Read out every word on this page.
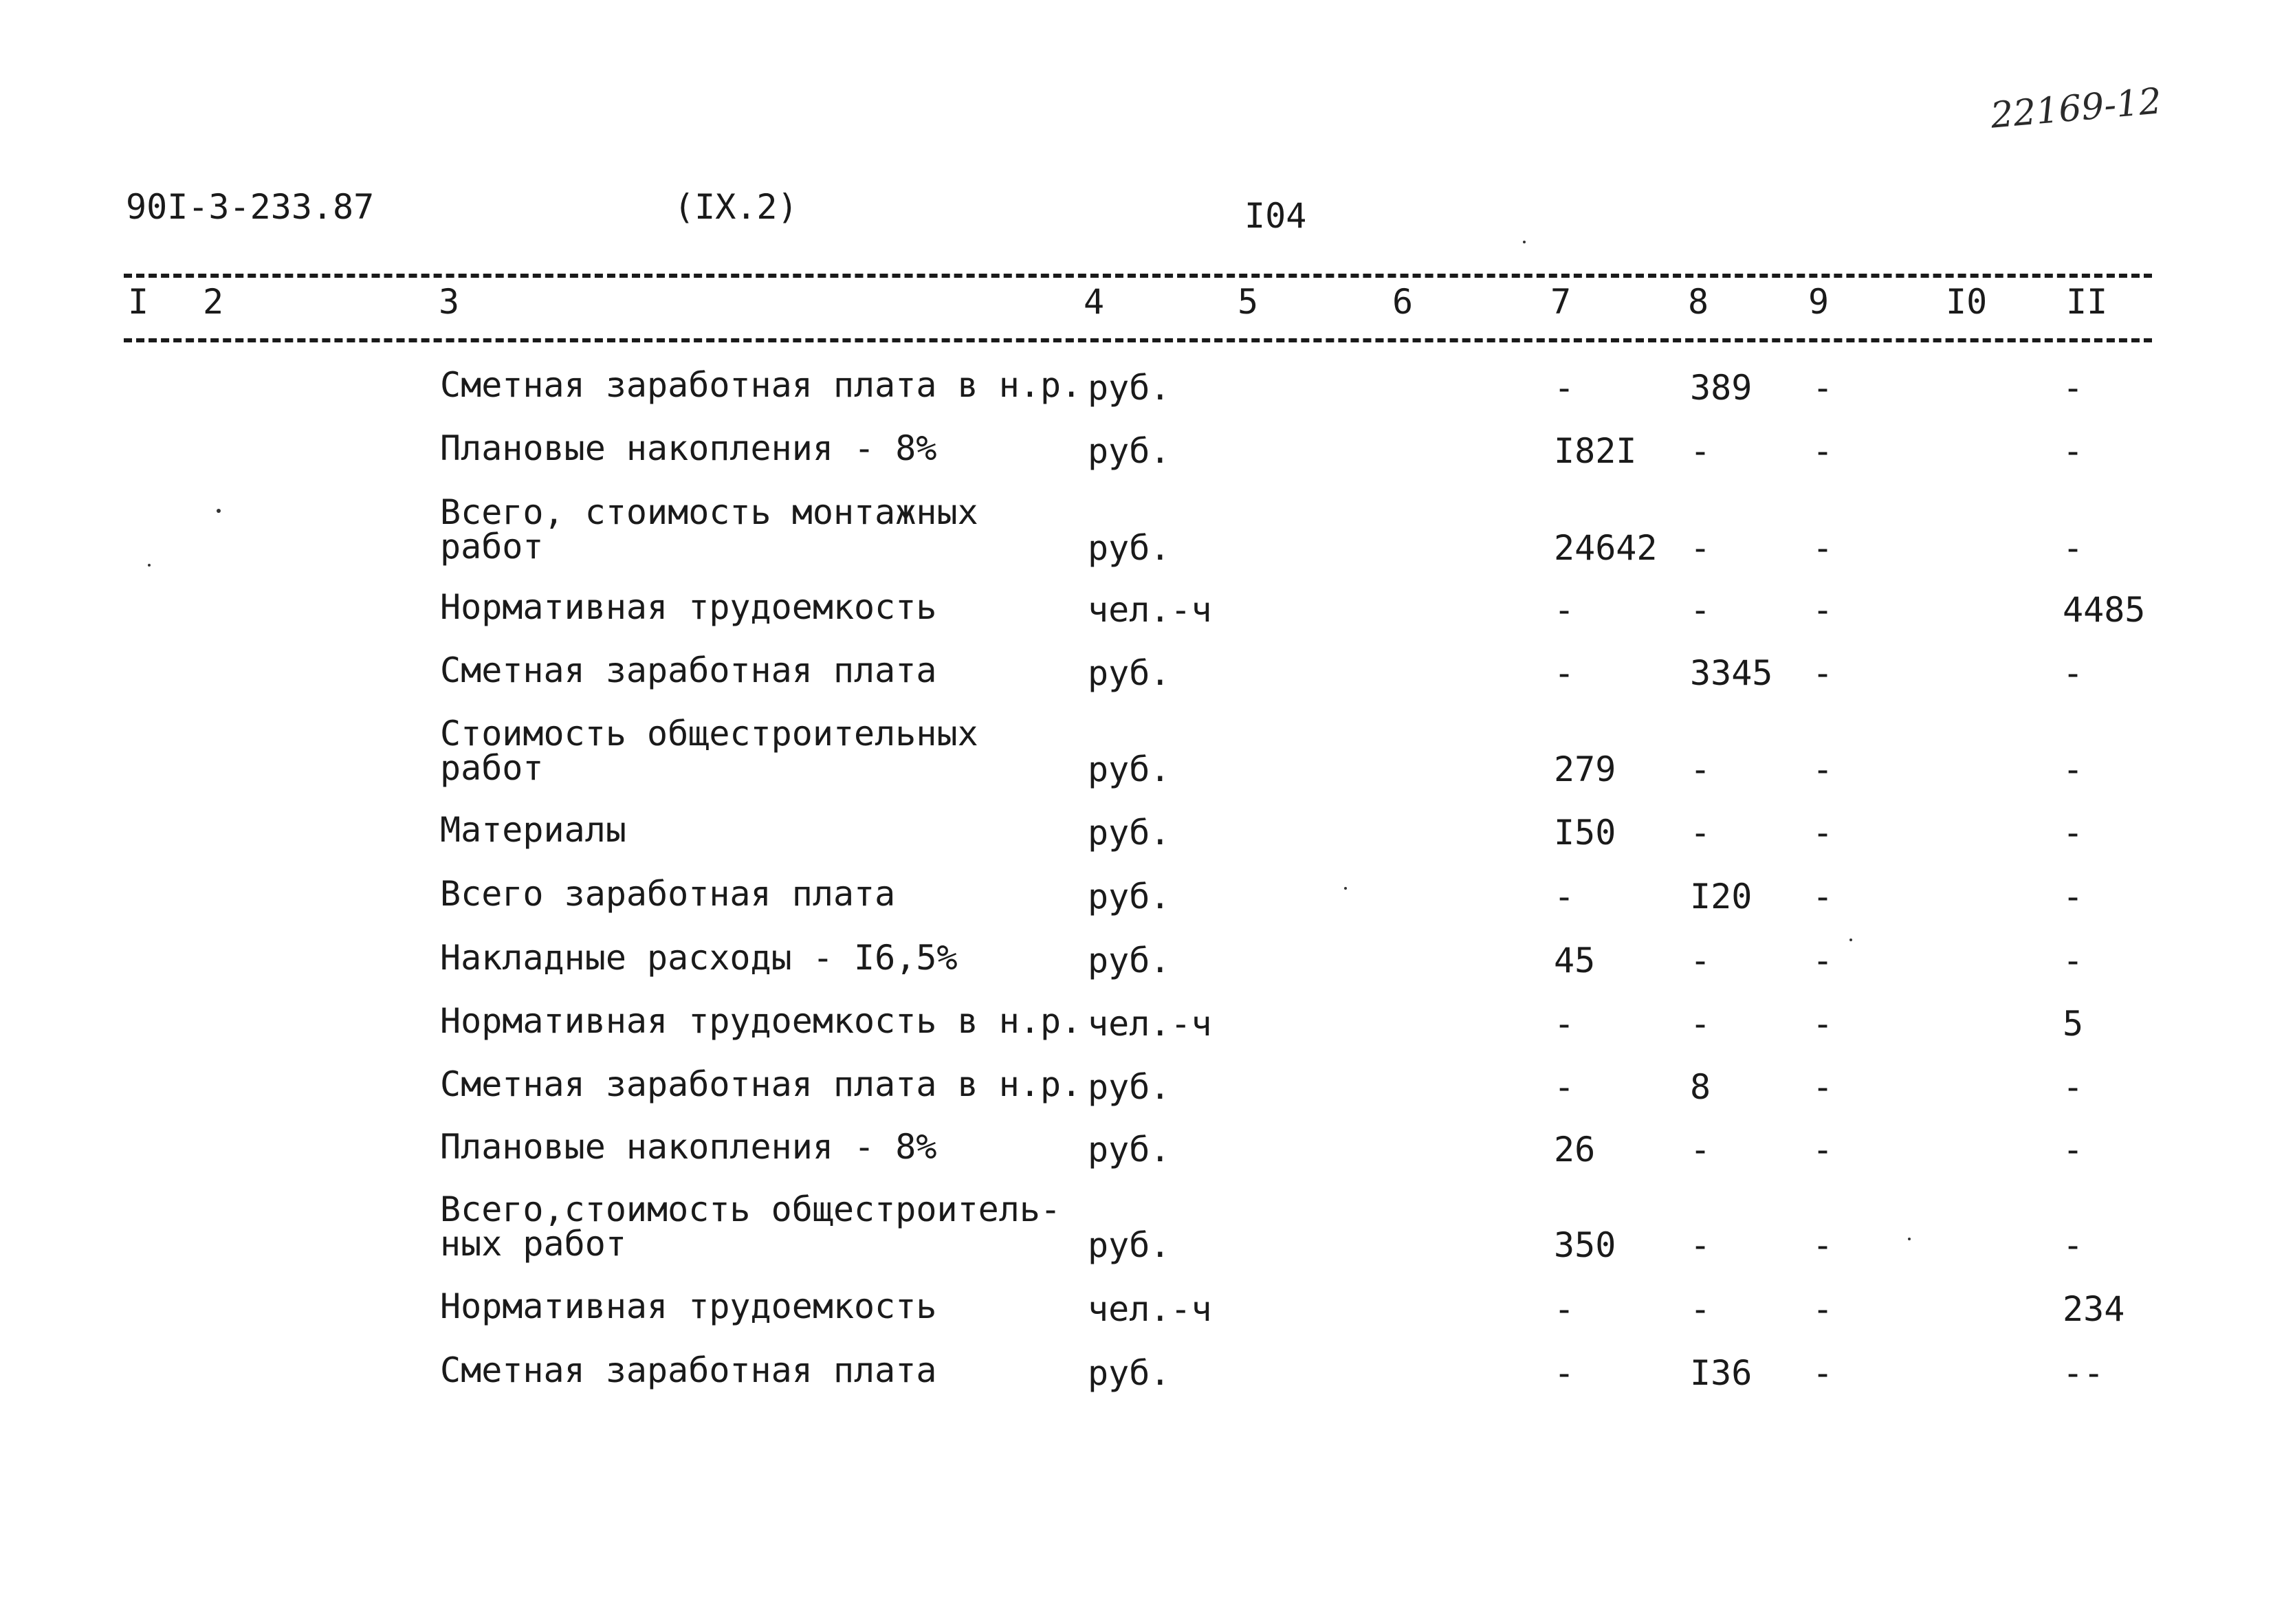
90I-3-233.87	(IX.2)	I04
22169-12
I 2	3	4	5	6	7	8	9	I0 II
Сметная заработная плата в н.р. руб.	-	389 -	-
Плановые накопления - 8%	руб.	I82I -	-	-
Всего, стоимость монтажных
работ	руб.	24642 -	-	-
Нормативная трудоемкость	чел.-ч	-	-	-	4485
Сметная заработная плата	руб.	-	3345 -	-
Стоимость общестроительных
работ	руб.	279 -	-	-
Материалы	руб.	I50 -	-	-
Всего заработная плата	руб.	-	I20 -	-
Накладные расходы - I6,5%	руб.	45	-	-	-
Нормативная трудоемкость в н.р. чел.-ч	-	-	-	5
Сметная заработная плата в н.р. руб.	-	8	-	-
Плановые накопления - 8%	руб.	26	-	-	-
Всего,стоимость общестроитель-
ных работ	руб.	350 -	-	-
Нормативная трудоемкость	чел.-ч	-	-	-	234
Сметная заработная плата	руб.	-	I36 -	--
